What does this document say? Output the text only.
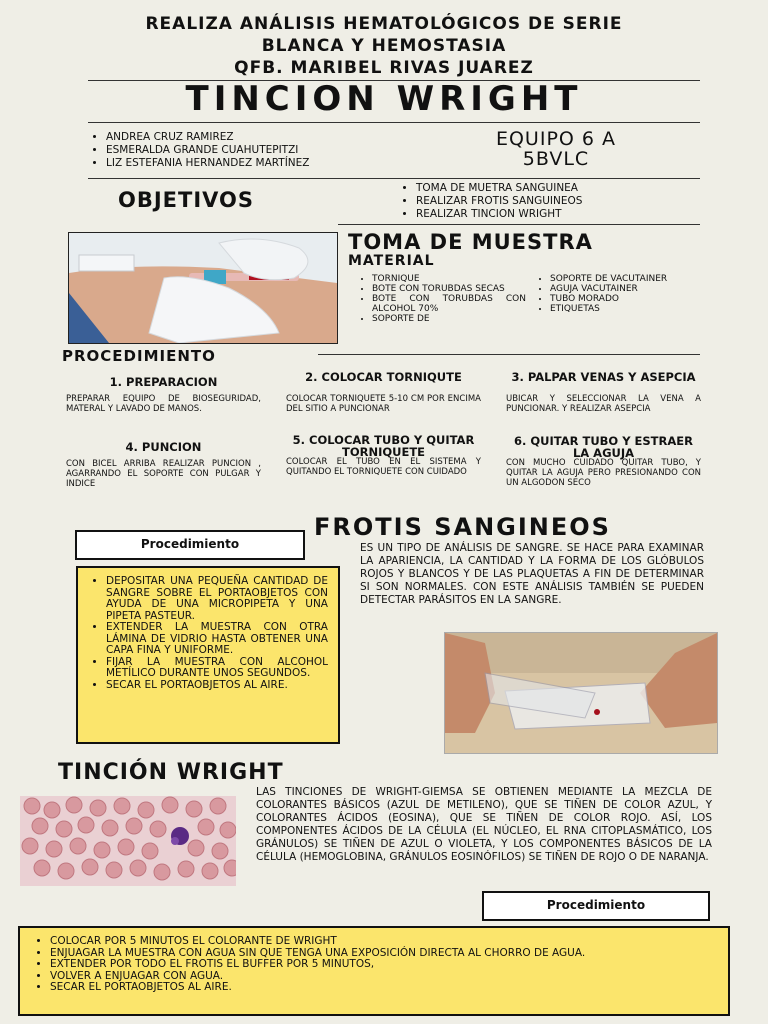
REALIZA ANÁLISIS HEMATOLÓGICOS DE SERIE
BLANCA Y HEMOSTASIA
QFB. MARIBEL RIVAS JUAREZ
TINCION WRIGHT
• ANDREA CRUZ RAMIREZ
• ESMERALDA GRANDE CUAHUTEPITZI
• LIZ ESTEFANIA HERNANDEZ MARTÍNEZ
EQUIPO 6 A
5BVLC
OBJETIVOS
•	TOMA DE MUETRA SANGUINEA
• REALIZAR FROTIS SANGUINEOS
• REALIZAR TINCION WRIGHT
TOMA DE MUESTRA
MATERIAL
• TORNIQUE
• BOTE CON TORUBDAS SECAS
• BOTE CON TORUBDAS CON ALCOHOL 70%
• SOPORTE DE
• SOPORTE DE VACUTAINER
• AGUJA VACUTAINER
• TUBO MORADO
• ETIQUETAS
PROCEDIMIENTO
1. PREPARACION
PREPARAR EQUIPO DE BIOSEGURIDAD, MATERAL Y LAVADO DE MANOS.
2. COLOCAR TORNIQUTE
COLOCAR TORNIQUETE 5-10 CM POR ENCIMA DEL SITIO A PUNCIONAR
3. PALPAR VENAS Y ASEPCIA
UBICAR Y SELECCIONAR LA VENA A PUNCIONAR. Y REALIZAR ASEPCIA
4. PUNCION
CON BICEL ARRIBA REALIZAR PUNCION , AGARRANDO EL SOPORTE CON PULGAR Y INDICE
5. COLOCAR TUBO Y QUITAR TORNIQUETE
COLOCAR EL TUBO EN EL SISTEMA Y QUITANDO EL TORNIQUETE CON CUIDADO
6. QUITAR TUBO Y ESTRAER LA AGUJA
CON MUCHO CUIDADO QUITAR TUBO, Y QUITAR LA AGUJA PERO PRESIONANDO CON UN ALGODON SECO
FROTIS SANGINEOS
Procedimiento	ES UN TIPO DE ANÁLISIS DE SANGRE. SE HACE PARA EXAMINAR LA APARIENCIA, LA CANTIDAD Y LA FORMA DE LOS GLÓBULOS ROJOS Y BLANCOS Y DE LAS PLAQUETAS A FIN DE DETERMINAR SI SON NORMALES. CON ESTE ANÁLISIS TAMBIÉN SE PUEDEN DETECTAR PARÁSITOS EN LA SANGRE.
• DEPOSITAR UNA PEQUEÑA CANTIDAD DE SANGRE SOBRE EL PORTAOBJETOS CON AYUDA DE UNA MICROPIPETA Y UNA PIPETA PASTEUR.
• EXTENDER LA MUESTRA CON OTRA LÁMINA DE VIDRIO HASTA OBTENER UNA CAPA FINA Y UNIFORME.
• FIJAR LA MUESTRA CON ALCOHOL METÍLICO DURANTE UNOS SEGUNDOS.
• SECAR EL PORTAOBJETOS AL AIRE.
TINCIÓN WRIGHT
LAS TINCIONES DE WRIGHT-GIEMSA SE OBTIENEN MEDIANTE LA MEZCLA DE COLORANTES BÁSICOS (AZUL DE METILENO), QUE SE TIÑEN DE COLOR AZUL, Y COLORANTES ÁCIDOS (EOSINA), QUE SE TIÑEN DE COLOR ROJO. ASÍ, LOS COMPONENTES ÁCIDOS DE LA CÉLULA (EL NÚCLEO, EL RNA CITOPLASMÁTICO, LOS GRÁNULOS) SE TIÑEN DE AZUL O VIOLETA, Y LOS COMPONENTES BÁSICOS DE LA CÉLULA (HEMOGLOBINA, GRÁNULOS EOSINÓFILOS) SE TIÑEN DE ROJO O DE NARANJA.
Procedimiento
• COLOCAR POR 5 MINUTOS EL COLORANTE DE WRIGHT
• ENJUAGAR LA MUESTRA CON AGUA SIN QUE TENGA UNA EXPOSICIÓN DIRECTA AL CHORRO DE AGUA.
• EXTENDER POR TODO EL FROTIS EL BUFFER POR 5 MINUTOS,
• VOLVER A ENJUAGAR CON AGUA.
• SECAR EL PORTAOBJETOS AL AIRE.
